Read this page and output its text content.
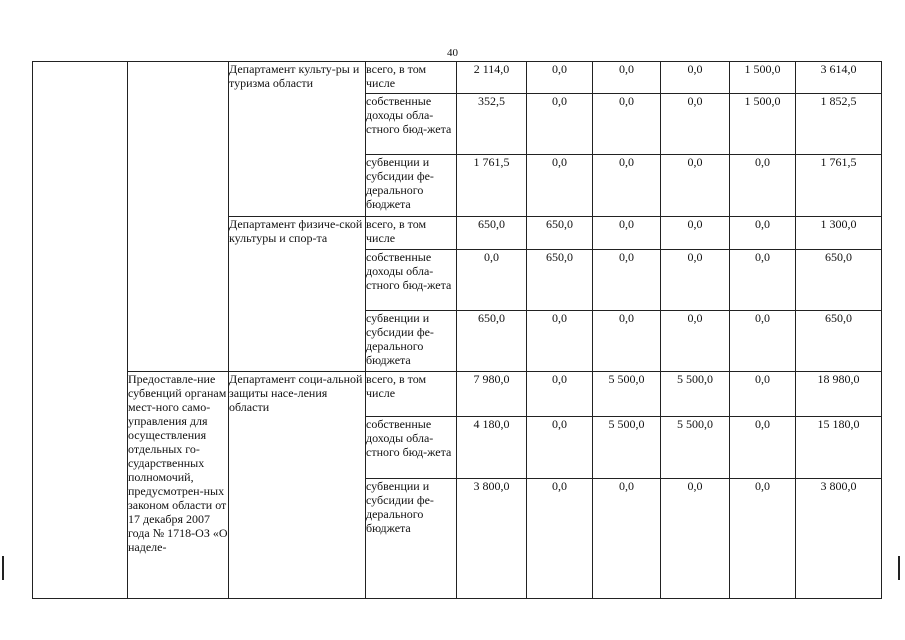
40
		Департамент культу-ры и туризма области	всего, в том числе	2 114,0	0,0	0,0	0,0	1 500,0	3 614,0
			собственные доходы обла-стного бюд-жета	352,5	0,0	0,0	0,0	1 500,0	1 852,5
			субвенции и субсидии фе-дерального бюджета	1 761,5	0,0	0,0	0,0	0,0	1 761,5
		Департамент физиче-ской культуры и спор-та	всего, в том числе	650,0	650,0	0,0	0,0	0,0	1 300,0
			собственные доходы обла-стного бюд-жета	0,0	650,0	0,0	0,0	0,0	650,0
			субвенции и субсидии фе-дерального бюджета	650,0	0,0	0,0	0,0	0,0	650,0
	Предоставле-ние субвенций органам мест-ного само-управления для осуществления отдельных го-сударственных полномочий, предусмотрен-ных законом области от 17 декабря 2007 года № 1718-ОЗ «О наделе-	Департамент соци-альной защиты насе-ления области	всего, в том числе	7 980,0	0,0	5 500,0	5 500,0	0,0	18 980,0
			собственные доходы обла-стного бюд-жета	4 180,0	0,0	5 500,0	5 500,0	0,0	15 180,0
			субвенции и субсидии фе-дерального бюджета	3 800,0	0,0	0,0	0,0	0,0	3 800,0
